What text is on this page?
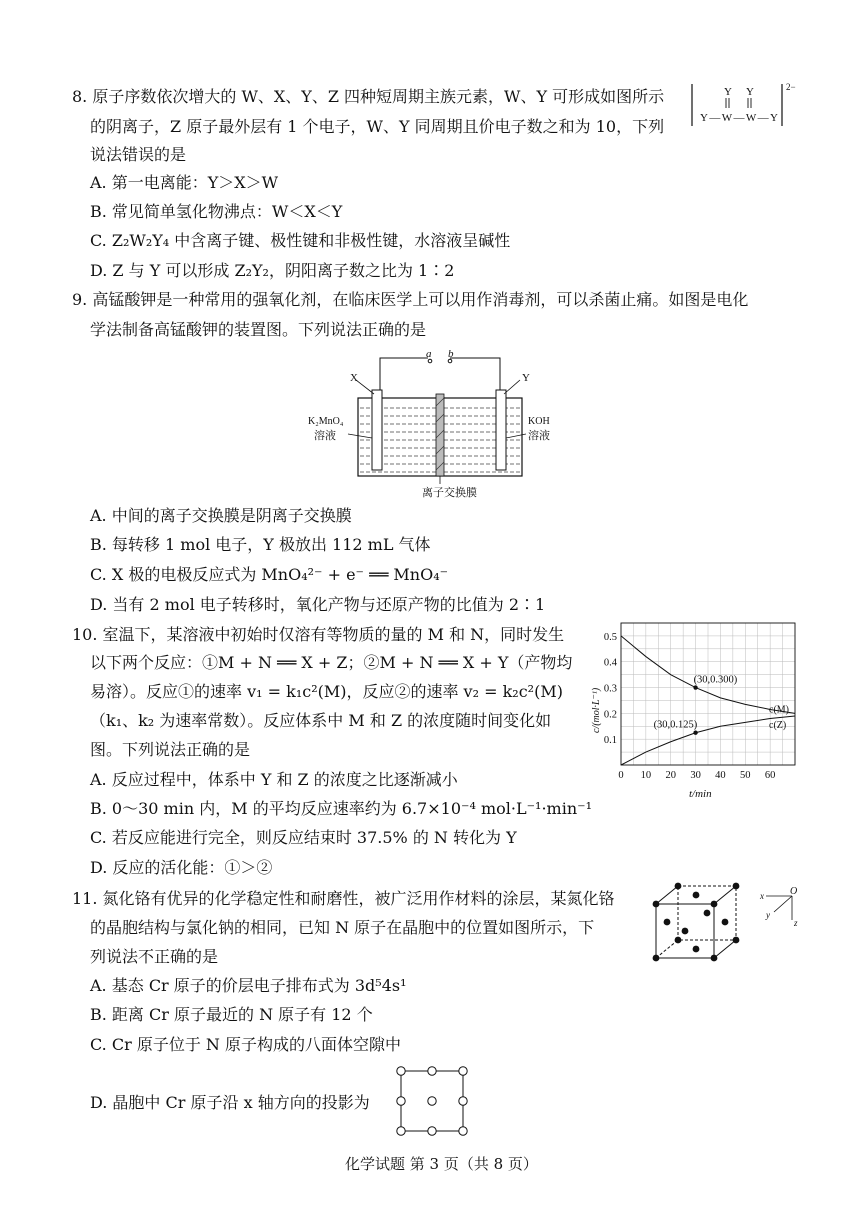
8. 原子序数依次增大的 W、X、Y、Z 四种短周期主族元素，W、Y 可形成如图所示
的阴离子，Z 原子最外层有 1 个电子，W、Y 同周期且价电子数之和为 10，下列
说法错误的是
A. 第一电离能：Y＞X＞W
B. 常见简单氢化物沸点：W＜X＜Y
C. Z₂W₂Y₄ 中含离子键、极性键和非极性键，水溶液呈碱性
D. Z 与 Y 可以形成 Z₂Y₂，阴阳离子数之比为 1∶2
Y Y
Y—W—W—Y
2−
9. 高锰酸钾是一种常用的强氧化剂，在临床医学上可以用作消毒剂，可以杀菌止痛。如图是电化
学法制备高锰酸钾的装置图。下列说法正确的是
a b
X	Y
离子交换膜
K₂MnO₄
溶液
KOH
溶液
A. 中间的离子交换膜是阴离子交换膜
B. 每转移 1 mol 电子，Y 极放出 112 mL 气体
C. X 极的电极反应式为 MnO₄²⁻ + e⁻ ══ MnO₄⁻
D. 当有 2 mol 电子转移时，氧化产物与还原产物的比值为 2∶1
10. 室温下，某溶液中初始时仅溶有等物质的量的 M 和 N，同时发生
以下两个反应：①M + N ══ X + Z；②M + N ══ X + Y（产物均
易溶）。反应①的速率 v₁ = k₁c²(M)，反应②的速率 v₂ = k₂c²(M)
（k₁、k₂ 为速率常数）。反应体系中 M 和 Z 的浓度随时间变化如
图。下列说法正确的是
A. 反应过程中，体系中 Y 和 Z 的浓度之比逐渐减小
B. 0～30 min 内，M 的平均反应速率约为 6.7×10⁻⁴ mol·L⁻¹·min⁻¹
C. 若反应能进行完全，则反应结束时 37.5% 的 N 转化为 Y
D. 反应的活化能：①＞②
0 10 20 30 40 50 60
0.1
0.2
0.3
0.4
0.5
c(M)
c(Z)
(30,0.300)
(30,0.125)
c/(mol·L⁻¹)
t/min
11. 氮化铬有优异的化学稳定性和耐磨性，被广泛用作材料的涂层，某氮化铬
的晶胞结构与氯化钠的相同，已知 N 原子在晶胞中的位置如图所示，下
列说法不正确的是
A. 基态 Cr 原子的价层电子排布式为 3d⁵4s¹
B. 距离 Cr 原子最近的 N 原子有 12 个
C. Cr 原子位于 N 原子构成的八面体空隙中
D. 晶胞中 Cr 原子沿 x 轴方向的投影为
O
x
y
z
化学试题 第 3 页（共 8 页）
